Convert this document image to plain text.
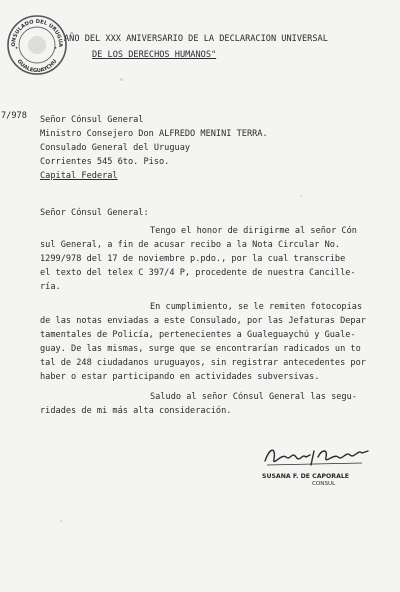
ONSULADO DEL URUGUA
GUALEGUAYCHU
★	★
AÑO DEL XXX ANIVERSARIO DE LA DECLARACION UNIVERSAL
DE LOS DERECHOS HUMANOS"
7/978 Señor Cónsul General
Ministro Consejero Don ALFREDO MENINI TERRA.
Consulado General del Uruguay
Corrientes 545 6to. Piso.
Capital Federal
Señor Cónsul General:
Tengo el honor de dirigirme al señor Cón
sul General, a fin de acusar recibo a la Nota Circular No.
1299/978 del 17 de noviembre p.pdo., por la cual transcribe
el texto del telex C 397/4 P, procedente de nuestra Cancille-
ría.
En cumplimiento, se le remiten fotocopias
de las notas enviadas a este Consulado, por las Jefaturas Depar
tamentales de Policía, pertenecientes a Gualeguaychú y Guale-
guay. De las mismas, surge que se encontrarían radicados un to
tal de 248 ciudadanos uruguayos, sin registrar antecedentes por
haber o estar participando en actividades subversivas.
Saludo al señor Cónsul General las segu-
ridades de mi más alta consideración.
SUSANA F. DE CAPORALE
CONSUL
